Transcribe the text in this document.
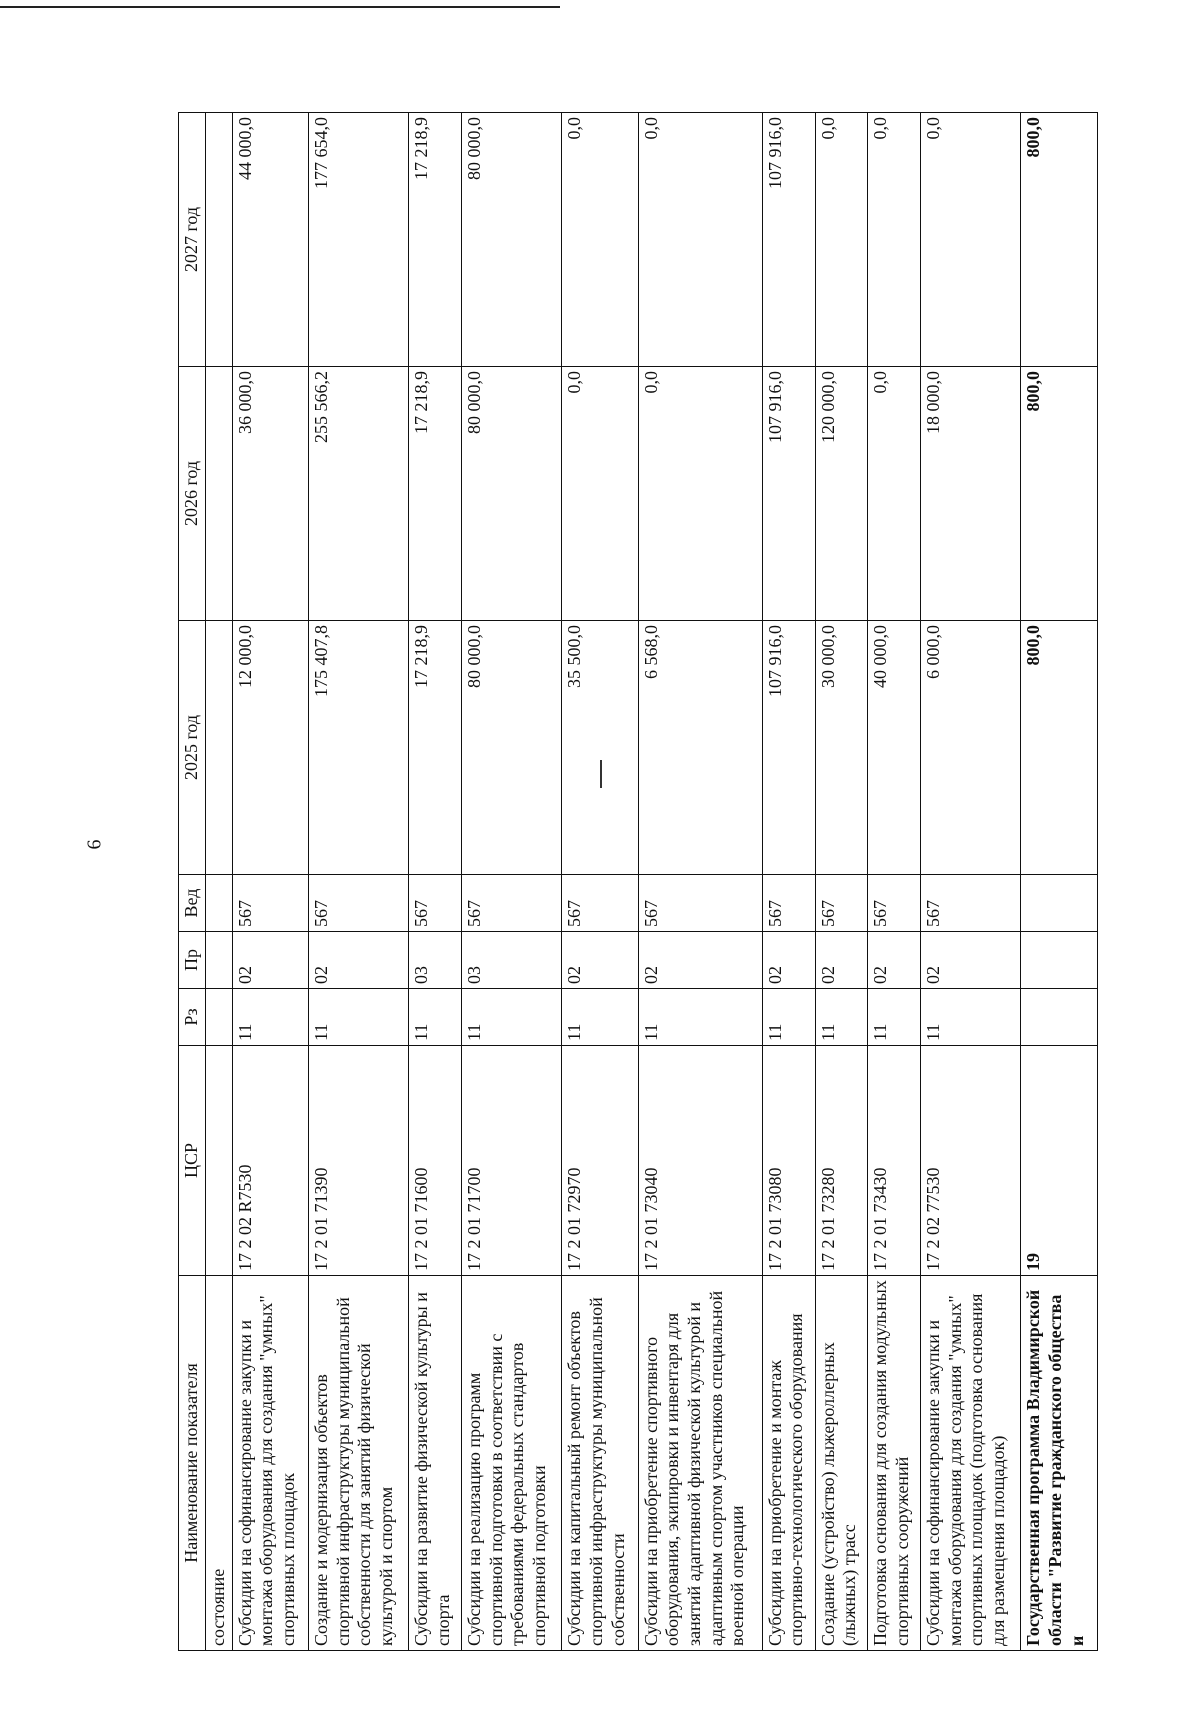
6
Наименование показателя	ЦСР	Рз	Пр	Вед	2025 год	2026 год	2027 год
состояние							
Субсидии на софинансирование закупки и монтажа оборудования для создания "умных" спортивных площадок	17 2 02 R7530	11	02	567	12 000,0	36 000,0	44 000,0
Создание и модернизация объектов спортивной инфраструктуры муниципальной собственности для занятий физической культурой и спортом	17 2 01 71390	11	02	567	175 407,8	255 566,2	177 654,0
Субсидии на развитие физической культуры и спорта	17 2 01 71600	11	03	567	17 218,9	17 218,9	17 218,9
Субсидии на реализацию программ спортивной подготовки в соответствии с требованиями федеральных стандартов спортивной подготовки	17 2 01 71700	11	03	567	80 000,0	80 000,0	80 000,0
Субсидии на капитальный ремонт объектов спортивной инфраструктуры муниципальной собственности	17 2 01 72970	11	02	567	35 500,0	0,0	0,0
Субсидии на приобретение спортивного оборудования, экипировки и инвентаря для занятий адаптивной физической культурой и адаптивным спортом участников специальной военной операции	17 2 01 73040	11	02	567	6 568,0	0,0	0,0
Субсидии на приобретение и монтаж спортивно-технологического оборудования	17 2 01 73080	11	02	567	107 916,0	107 916,0	107 916,0
Создание (устройство) лыжероллерных (лыжных) трасс	17 2 01 73280	11	02	567	30 000,0	120 000,0	0,0
Подготовка основания для создания модульных спортивных сооружений	17 2 01 73430	11	02	567	40 000,0	0,0	0,0
Субсидии на софинансирование закупки и монтажа оборудования для создания "умных" спортивных площадок (подготовка основания для размещения площадок)	17 2 02 77530	11	02	567	6 000,0	18 000,0	0,0
Государственная программа Владимирской области "Развитие гражданского общества и	19				800,0	800,0	800,0
